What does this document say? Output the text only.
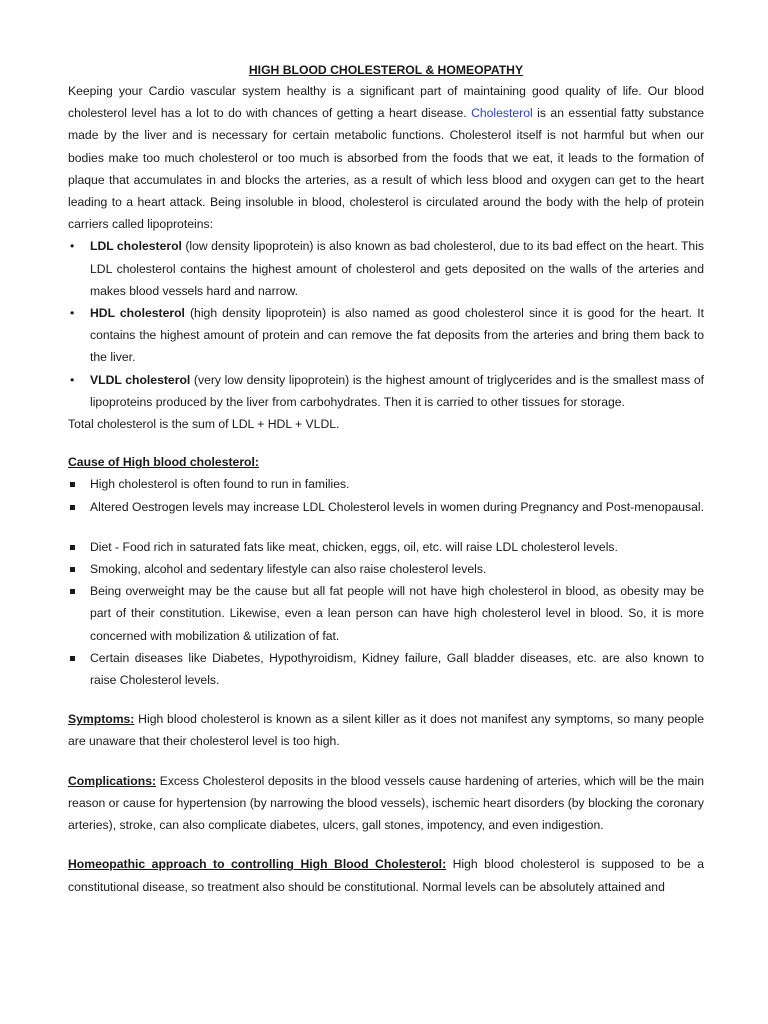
HIGH BLOOD CHOLESTEROL & HOMEOPATHY

Keeping your Cardio vascular system healthy is a significant part of maintaining good quality of life. Our blood cholesterol level has a lot to do with chances of getting a heart disease. Cholesterol is an essential fatty substance made by the liver and is necessary for certain metabolic functions. Cholesterol itself is not harmful but when our bodies make too much cholesterol or too much is absorbed from the foods that we eat, it leads to the formation of plaque that accumulates in and blocks the arteries, as a result of which less blood and oxygen can get to the heart leading to a heart attack. Being insoluble in blood, cholesterol is circulated around the body with the help of protein carriers called lipoproteins:

• LDL cholesterol (low density lipoprotein) is also known as bad cholesterol, due to its bad effect on the heart. This LDL cholesterol contains the highest amount of cholesterol and gets deposited on the walls of the arteries and makes blood vessels hard and narrow.
• HDL cholesterol (high density lipoprotein) is also named as good cholesterol since it is good for the heart. It contains the highest amount of protein and can remove the fat deposits from the arteries and bring them back to the liver.
• VLDL cholesterol (very low density lipoprotein) is the highest amount of triglycerides and is the smallest mass of lipoproteins produced by the liver from carbohydrates. Then it is carried to other tissues for storage.

Total cholesterol is the sum of LDL + HDL + VLDL.

Cause of High blood cholesterol:

High cholesterol is often found to run in families.
Altered Oestrogen levels may increase LDL Cholesterol levels in women during Pregnancy and Post-menopausal.
Diet - Food rich in saturated fats like meat, chicken, eggs, oil, etc. will raise LDL cholesterol levels.
Smoking, alcohol and sedentary lifestyle can also raise cholesterol levels.
Being overweight may be the cause but all fat people will not have high cholesterol in blood, as obesity may be part of their constitution. Likewise, even a lean person can have high cholesterol level in blood. So, it is more concerned with mobilization & utilization of fat.
Certain diseases like Diabetes, Hypothyroidism, Kidney failure, Gall bladder diseases, etc. are also known to raise Cholesterol levels.

Symptoms: High blood cholesterol is known as a silent killer as it does not manifest any symptoms, so many people are unaware that their cholesterol level is too high.

Complications: Excess Cholesterol deposits in the blood vessels cause hardening of arteries, which will be the main reason or cause for hypertension (by narrowing the blood vessels), ischemic heart disorders (by blocking the coronary arteries), stroke, can also complicate diabetes, ulcers, gall stones, impotency, and even indigestion.

Homeopathic approach to controlling High Blood Cholesterol: High blood cholesterol is supposed to be a constitutional disease, so treatment also should be constitutional. Normal levels can be absolutely attained and
